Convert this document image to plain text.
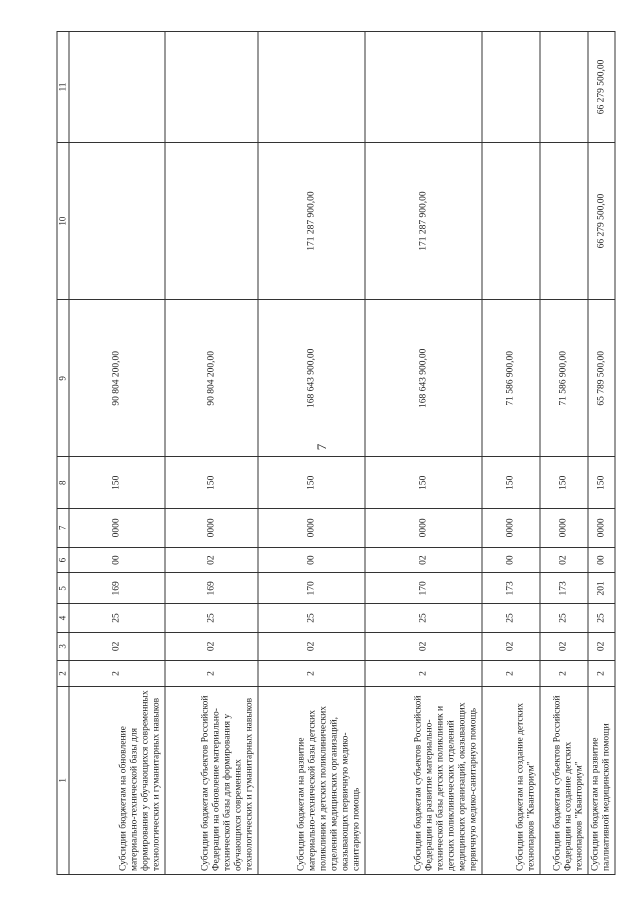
7
1	2	3	4	5	6	7	8	9	10	11
Субсидии бюджетам на обновление материально-технической базы для формирования у обучающихся современных технологических и гуманитарных навыков	2	02	25	169	00	0000	150	90 804 200,00		
Субсидии бюджетам субъектов Российской Федерации на обновление материально-технической базы для формирования у обучающихся современных технологических и гуманитарных навыков	2	02	25	169	02	0000	150	90 804 200,00		
Субсидии бюджетам на развитие материально-технической базы детских поликлиник и детских поликлинических отделений медицинских организаций, оказывающих первичную медико-санитарную помощь	2	02	25	170	00	0000	150	168 643 900,00	171 287 900,00	
Субсидии бюджетам субъектов Российской Федерации на развитие материально-технической базы детских поликлиник и детских поликлинических отделений медицинских организаций, оказывающих первичную медико-санитарную помощь	2	02	25	170	02	0000	150	168 643 900,00	171 287 900,00	
Субсидии бюджетам на создание детских технопарков "Кванториум"	2	02	25	173	00	0000	150	71 586 900,00		
Субсидии бюджетам субъектов Российской Федерации на создание детских технопарков "Кванториум"	2	02	25	173	02	0000	150	71 586 900,00		
Субсидии бюджетам на развитие паллиативной медицинской помощи	2	02	25	201	00	0000	150	65 789 500,00	66 279 500,00	66 279 500,00
